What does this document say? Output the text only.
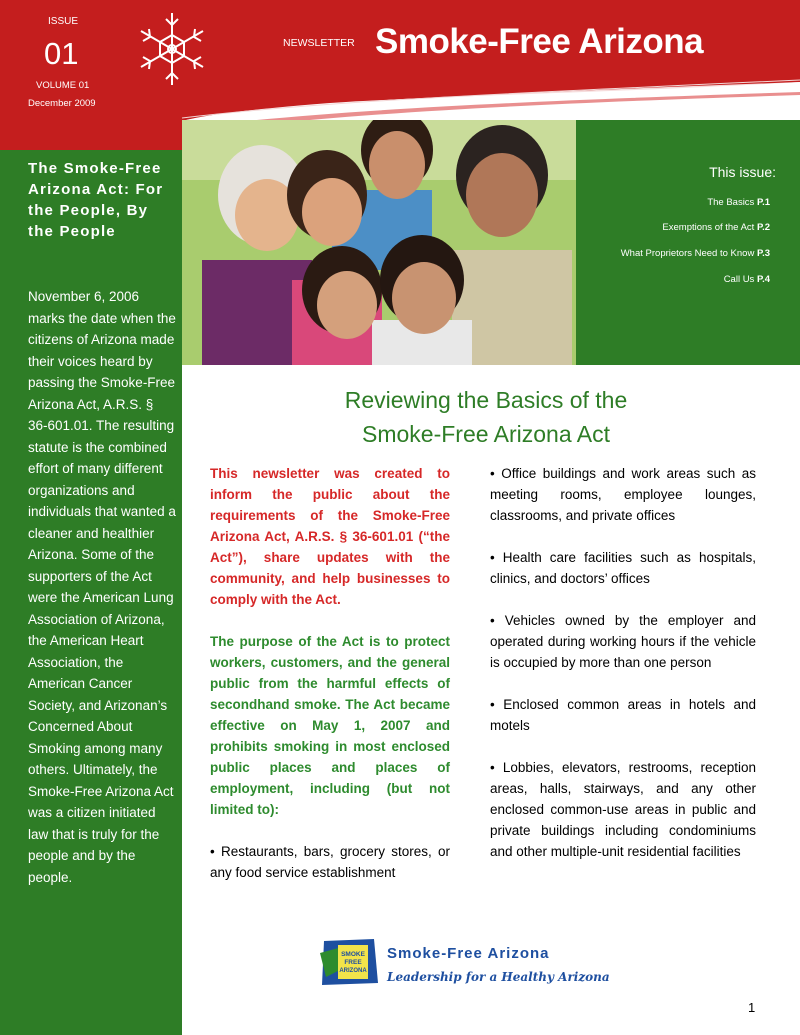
ISSUE
01
VOLUME 01
December 2009
NEWSLETTER Smoke-Free Arizona
The Smoke-Free Arizona Act: For the People, By the People
November 6, 2006 marks the date when the citizens of Arizona made their voices heard by passing the Smoke-Free Arizona Act, A.R.S. § 36-601.01. The resulting statute is the combined effort of many different organizations and individuals that wanted a cleaner and healthier Arizona. Some of the supporters of the Act were the American Lung Association of Arizona, the American Heart Association, the American Cancer Society, and Arizonan’s Concerned About Smoking among many others. Ultimately, the Smoke-Free Arizona Act was a citizen initiated law that is truly for the people and by the people.
This issue:
The Basics P.1
Exemptions of the Act P.2
What Proprietors Need to Know P.3
Call Us P.4
Reviewing the Basics of the
Smoke-Free Arizona Act

This newsletter was created to inform the public about the requirements of the Smoke-Free Arizona Act, A.R.S. § 36-601.01 (“the Act”), share updates with the community, and help businesses to comply with the Act.

The purpose of the Act is to protect workers, customers, and the general public from the harmful effects of secondhand smoke. The Act became effective on May 1, 2007 and prohibits smoking in most enclosed public places and places of employment, including (but not limited to):

• Restaurants, bars, grocery stores, or any food service establishment

• Office buildings and work areas such as meeting rooms, employee lounges, classrooms, and private offices

• Health care facilities such as hospitals, clinics, and doctors’ offices

• Vehicles owned by the employer and operated during working hours if the vehicle is occupied by more than one person

• Enclosed common areas in hotels and motels

• Lobbies, elevators, restrooms, reception areas, halls, stairways, and any other enclosed common-use areas in public and private buildings including condominiums and other multiple-unit residential facilities

SMOKE
FREE
ARIZONA
Smoke-Free Arizona
Leadership for a Healthy Arizona
1
